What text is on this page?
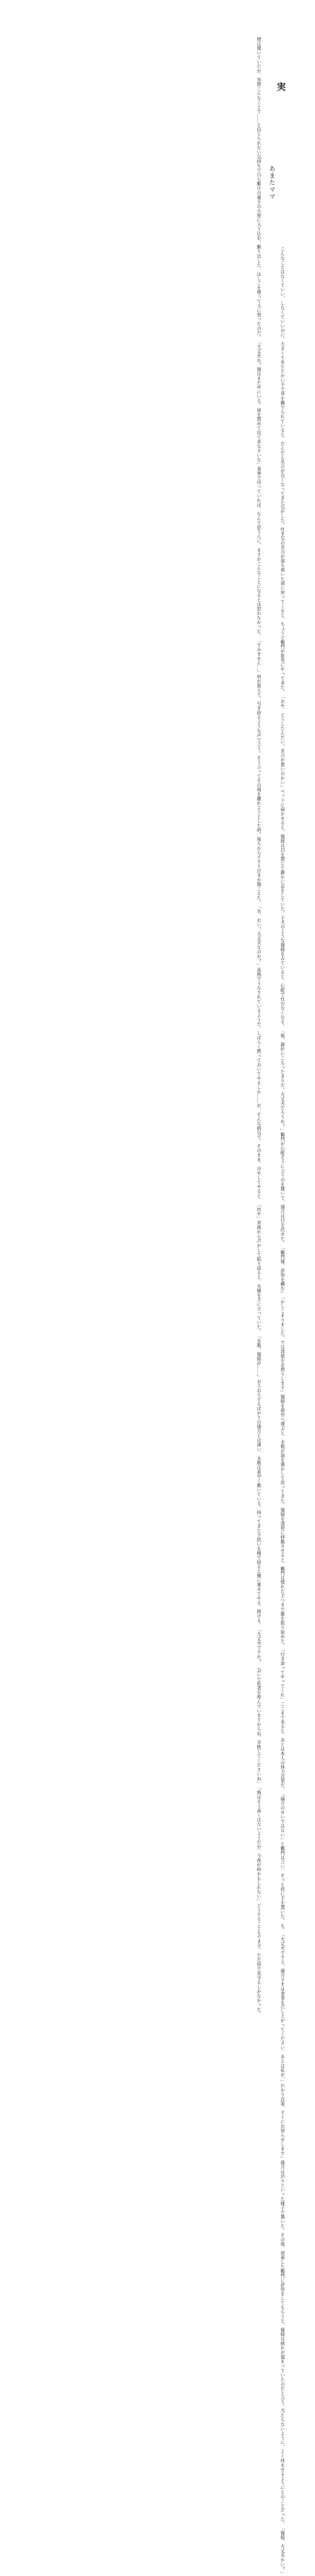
実
あまたママ
焼は聞いていたが、実際こんなことで……と信じられない気持ちで自ら駆けの裏手の小屋に入り込む。駆り出した、はしごを使って天に登ったのだ。「大丈夫か？猫はまだ中にいる。扉を閉めて出て来なさいな」食事で待っていれば、なんて思う人に、まさかこんなことになるとは思わなかった。「すみません…」肩が震えて、引き絞るような声で言う。そう言ってその場を離れようとした時、後ろからすすり泣きが聞こえた。「あ、おい！大丈夫なのか？」高熱でうなされているようだ。しばらく黙っておいてやるしか……が、そんな病気で、そのまま、冷やしてやると、「坊や」背後から声がして振り返ると、水桶を手に立っていた。「水瓶、猫稲が……」おろおろするばかりの瑞月とは違い、水瓶は素早く動いている。持ってきた手拭いを桶で絞ると額に乗せてやる。掛ける。「大丈夫ですか？　急いで医者を呼んでいますからね、辛抱してくださいね」「熱はそう高くはないようだが、今夜が峠かもしれない」どうすることもできず、ただ傍で見守るしかなかった。
こんなことはなくていい、しなくていいのに、大きくてあたたかい手で背を撫でられていると、だんだん具合が良くなってきた気がした。吐き気の具合が落ち着いた頃に戻ってくると、ちょうど鶴門が庭先にやって来た。「おや、どうしたんだい。具合が悪いのかい」ベッドに寝かせると、猫稲は目を閉じて静かに息をしていた。子犬のような猫稲をみていると、心配で仕方なくなる。「姫、御炉にこもったきりだ。大丈夫だろうか？」鶴門が心配そうに言うのを聞いて、瑞月は目を伏せた。「鶴門様、診察を頼む」「かしこまりました。では部屋をお借りします」猫稲を寝台へ運ぶと、水瓶が湯を沸かして戻ってきた。猫稲を部屋に移動させると、鶴門は慣れた手つきで脈を取り始めた。「付き添ってやってくれ」ここまで来ると、あとは本人の体力次第だ。「瑞月のせいではない」と鶴門は言い、そっと肩に手を置いた。も。「大丈夫ですよ、瑞月さまは食事を召し上がってください、あとは私が。」わかり次第、すぐにお知らせします」瑞月は渋々といった様子で頷いた。その後、到着した鶴門に診察をしてもらうと、猫稲は疲れが溜まっていたのだと言う。当たらないように、よく休ませるようにとのことだった。「猫稲、大丈夫かい？」
